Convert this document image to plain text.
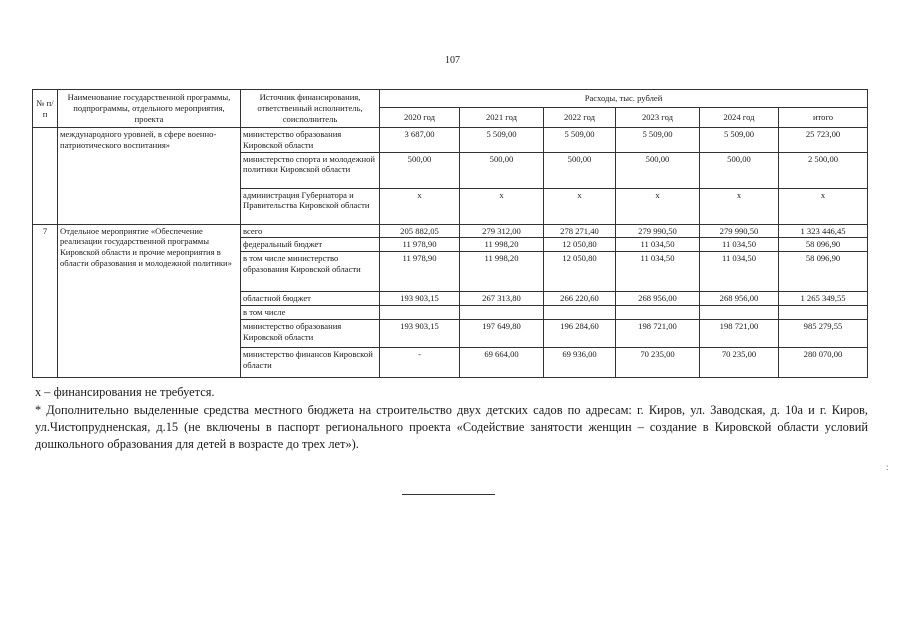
107
№ п/п	Наименование государственной программы, подпрограммы, отдельного мероприятия, проекта	Источник финансирования, ответственный исполнитель, соисполнитель	Расходы, тыс. рублей					
			2020 год	2021 год	2022 год	2023 год	2024 год	итого
	международного уровней, в сфере военно-патриотического воспитания»	министерство образования Кировской области	3 687,00	5 509,00	5 509,00	5 509,00	5 509,00	25 723,00
		министерство спорта и молодежной политики Кировской области	500,00	500,00	500,00	500,00	500,00	2 500,00
		администрация Губернатора и Правительства Кировской области	x	x	x	x	x	x
7	Отдельное мероприятие «Обеспечение реализации государственной программы Кировской области и прочие мероприятия в области образования и молодежной политики»	всего	205 882,05	279 312,00	278 271,40	279 990,50	279 990,50	1 323 446,45
		федеральный бюджет	11 978,90	11 998,20	12 050,80	11 034,50	11 034,50	58 096,90
		в том числе министерство образования Кировской области	11 978,90	11 998,20	12 050,80	11 034,50	11 034,50	58 096,90
		областной бюджет	193 903,15	267 313,80	266 220,60	268 956,00	268 956,00	1 265 349,55
		в том числе						
		министерство образования Кировской области	193 903,15	197 649,80	196 284,60	198 721,00	198 721,00	985 279,55
		министерство финансов Кировской области	-	69 664,00	69 936,00	70 235,00	70 235,00	280 070,00
х – финансирования не требуется.
* Дополнительно выделенные средства местного бюджета на строительство двух детских садов по адресам: г. Киров, ул. Заводская, д. 10а и г. Киров, ул.Чистопрудненская, д.15 (не включены в паспорт регионального проекта «Содействие занятости женщин – создание в Кировской области условий дошкольного образования для детей в возрасте до трех лет»).
:
